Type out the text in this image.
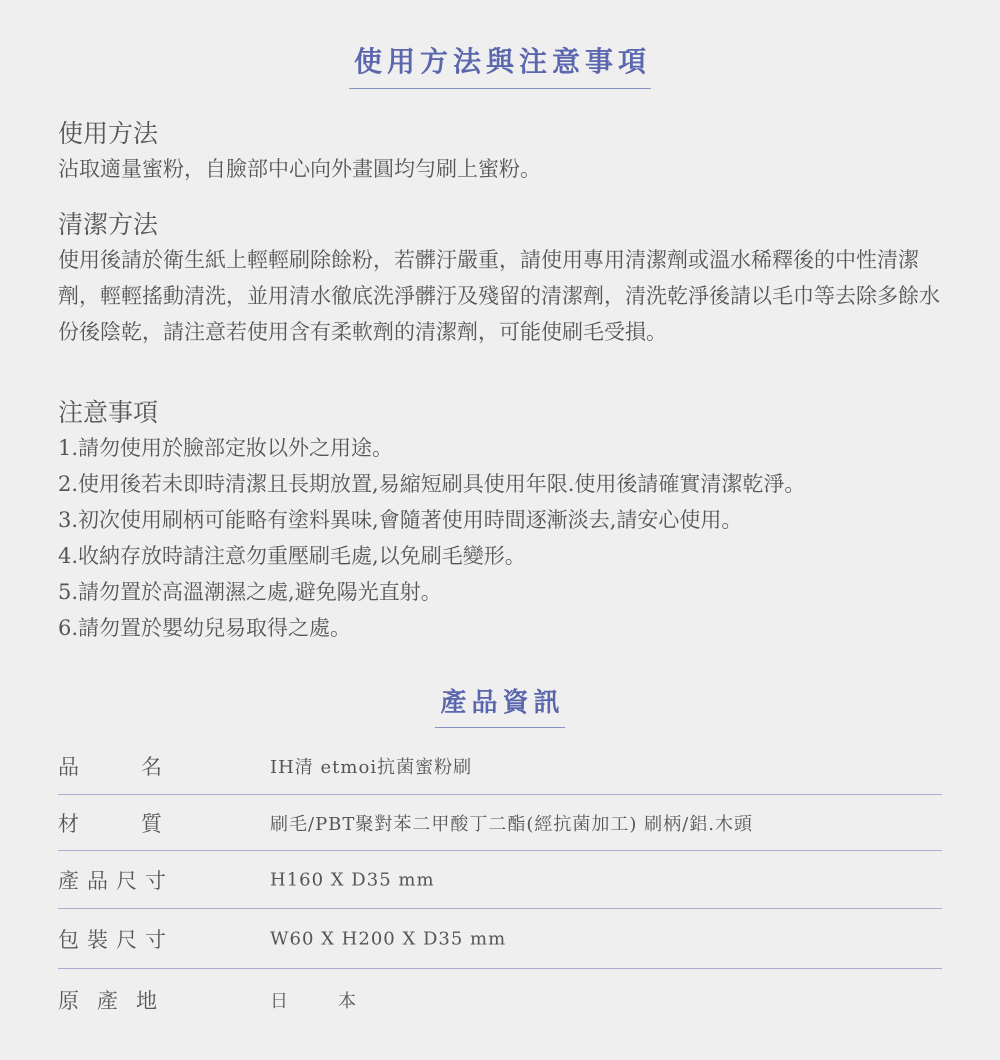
使用方法與注意事項
使用方法
沾取適量蜜粉，自臉部中心向外畫圓均勻刷上蜜粉。
清潔方法
使用後請於衛生紙上輕輕刷除餘粉，若髒汙嚴重，請使用專用清潔劑或溫水稀釋後的中性清潔劑，輕輕搖動清洗，並用清水徹底洗淨髒汙及殘留的清潔劑，清洗乾淨後請以毛巾等去除多餘水份後陰乾，請注意若使用含有柔軟劑的清潔劑，可能使刷毛受損。
注意事項
1.請勿使用於臉部定妝以外之用途。
2.使用後若未即時清潔且長期放置,易縮短刷具使用年限.使用後請確實清潔乾淨。
3.初次使用刷柄可能略有塗料異味,會隨著使用時間逐漸淡去,請安心使用。
4.收納存放時請注意勿重壓刷毛處,以免刷毛變形。
5.請勿置於高溫潮濕之處,避免陽光直射。
6.請勿置於嬰幼兒易取得之處。
產品資訊
品名	IH清 etmoi抗菌蜜粉刷
材質	刷毛/PBT聚對苯二甲酸丁二酯(經抗菌加工) 刷柄/鋁.木頭
產品尺寸	H160 X D35 mm
包裝尺寸	W60 X H200 X D35 mm
原產地	日本
